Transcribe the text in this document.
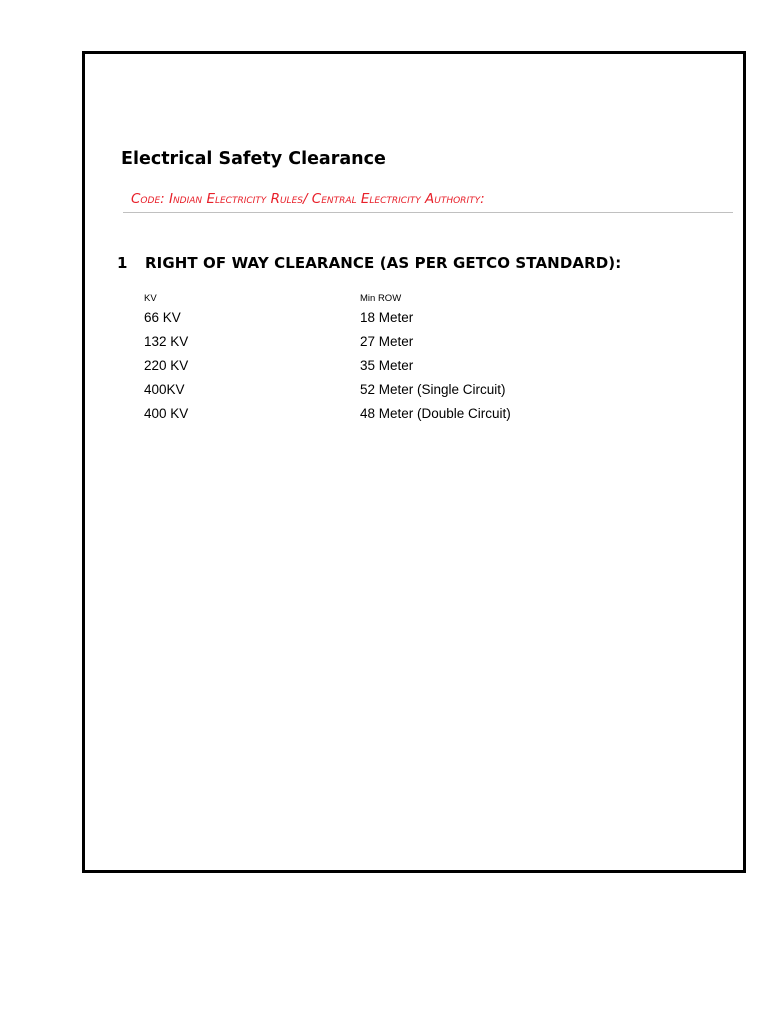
Electrical Safety Clearance
Code: Indian Electricity Rules/ Central Electricity Authority:
1 RIGHT OF WAY CLEARANCE (AS PER GETCO STANDARD):
KV	Min ROW
66 KV	18 Meter
132 KV	27 Meter
220 KV	35 Meter
400KV	52 Meter (Single Circuit)
400 KV	48 Meter (Double Circuit)
